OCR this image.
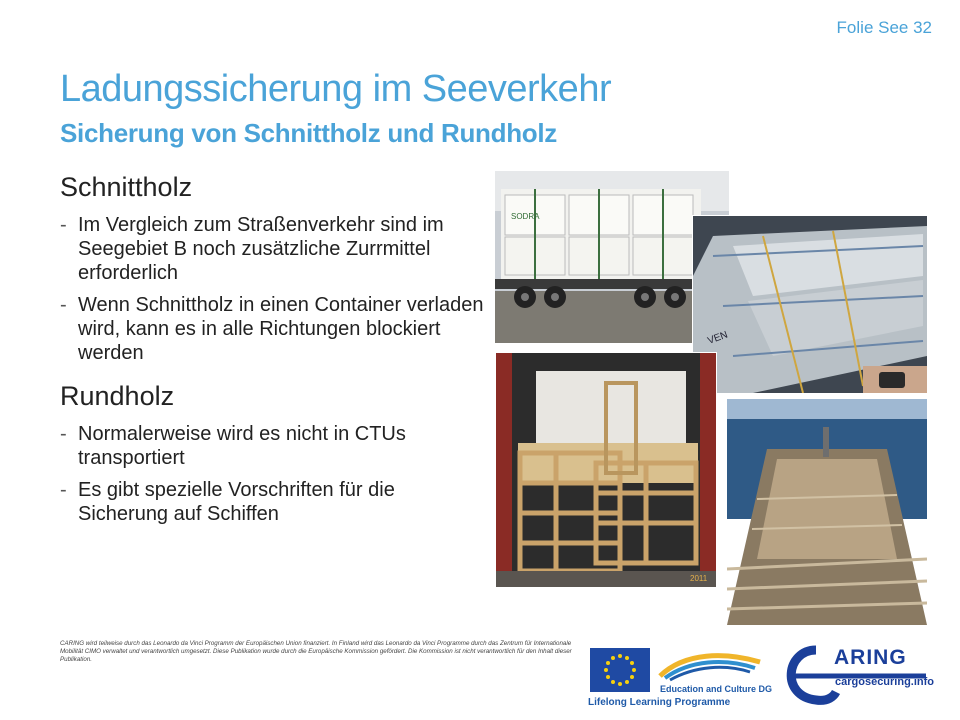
Folie See 32
Ladungssicherung im Seeverkehr
Sicherung von Schnittholz und Rundholz
Schnittholz
- Im Vergleich zum Straßenverkehr sind im Seegebiet B noch zusätzliche Zurrmittel erforderlich
- Wenn Schnittholz in einen Container verladen wird, kann es in alle Richtungen blockiert werden
Rundholz
- Normalerweise wird es nicht in CTUs transportiert
- Es gibt spezielle Vorschriften für die Sicherung auf Schiffen
SODRA
VEN
2011
CARING wird teilweise durch das Leonardo da Vinci Programm der Europäischen Union finanziert. In Finland wird das Leonardo da Vinci Programme durch das Zentrum für Internationale Mobilität CIMO verwaltet und verantwortlich umgesetzt. Diese Publikation wurde durch die Europäische Kommission gefördert. Die Kommission ist nicht verantwortlich für den Inhalt dieser Publikation.
Education and Culture DG
Lifelong Learning Programme
ARING
cargosecuring.info
